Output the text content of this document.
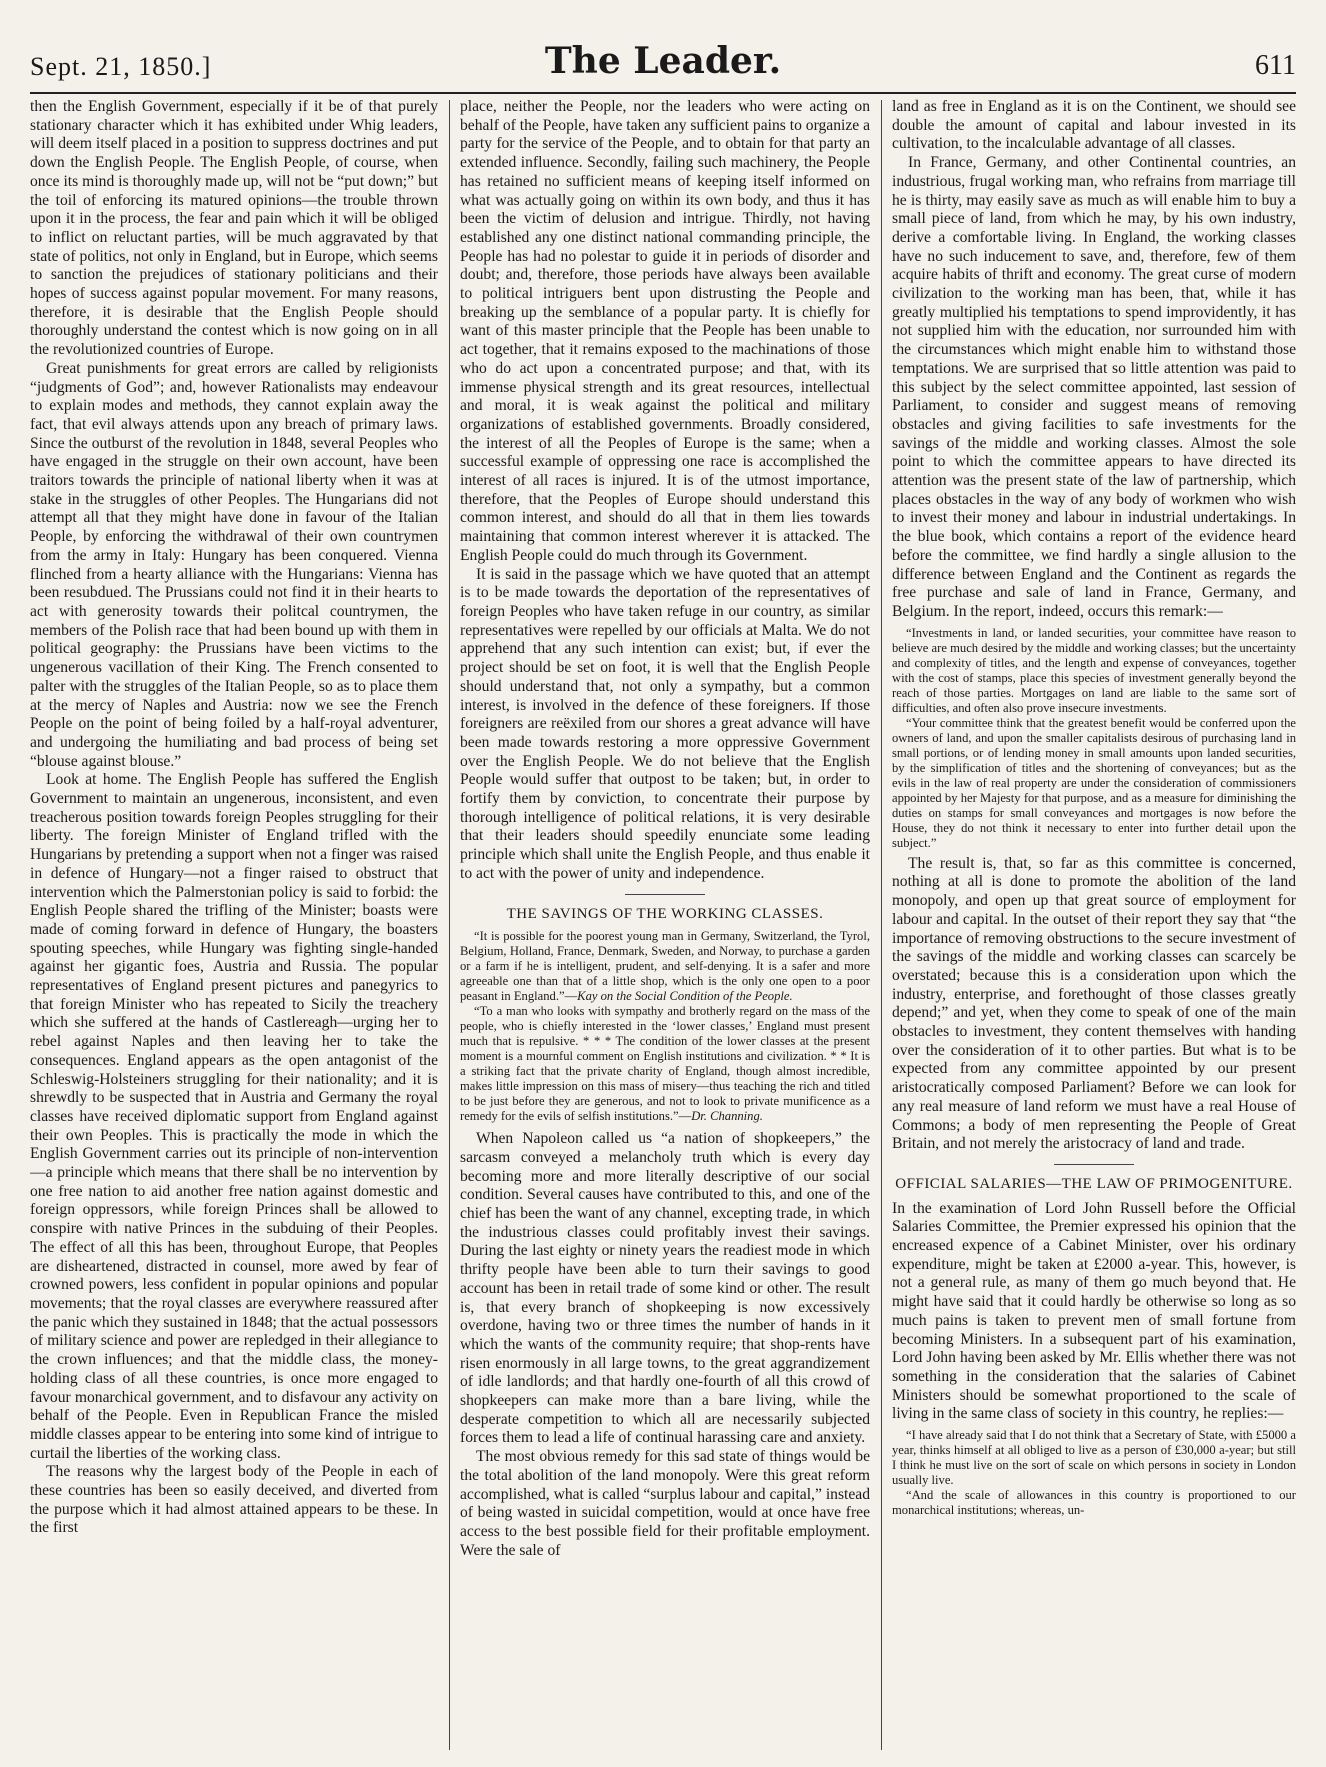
Sept. 21, 1850.]	The Leader.	611

then the English Government, especially if it be of that purely stationary character which it has exhibited under Whig leaders, will deem itself placed in a position to suppress doctrines and put down the English People. The English People, of course, when once its mind is thoroughly made up, will not be “put down;” but the toil of enforcing its matured opinions—the trouble thrown upon it in the process, the fear and pain which it will be obliged to inflict on reluctant parties, will be much aggravated by that state of politics, not only in England, but in Europe, which seems to sanction the prejudices of stationary politicians and their hopes of success against popular movement. For many reasons, therefore, it is desirable that the English People should thoroughly understand the contest which is now going on in all the revolutionized countries of Europe.

Great punishments for great errors are called by religionists “judgments of God”; and, however Rationalists may endeavour to explain modes and methods, they cannot explain away the fact, that evil always attends upon any breach of primary laws. Since the outburst of the revolution in 1848, several Peoples who have engaged in the struggle on their own account, have been traitors towards the principle of national liberty when it was at stake in the struggles of other Peoples. The Hungarians did not attempt all that they might have done in favour of the Italian People, by enforcing the withdrawal of their own countrymen from the army in Italy: Hungary has been conquered. Vienna flinched from a hearty alliance with the Hungarians: Vienna has been resubdued. The Prussians could not find it in their hearts to act with generosity towards their politcal countrymen, the members of the Polish race that had been bound up with them in political geography: the Prussians have been victims to the ungenerous vacillation of their King. The French consented to palter with the struggles of the Italian People, so as to place them at the mercy of Naples and Austria: now we see the French People on the point of being foiled by a half-royal adventurer, and undergoing the humiliating and bad process of being set “blouse against blouse.”

Look at home. The English People has suffered the English Government to maintain an ungenerous, inconsistent, and even treacherous position towards foreign Peoples struggling for their liberty. The foreign Minister of England trifled with the Hungarians by pretending a support when not a finger was raised in defence of Hungary—not a finger raised to obstruct that intervention which the Palmerstonian policy is said to forbid: the English People shared the trifling of the Minister; boasts were made of coming forward in defence of Hungary, the boasters spouting speeches, while Hungary was fighting single-handed against her gigantic foes, Austria and Russia. The popular representatives of England present pictures and panegyrics to that foreign Minister who has repeated to Sicily the treachery which she suffered at the hands of Castlereagh—urging her to rebel against Naples and then leaving her to take the consequences. England appears as the open antagonist of the Schleswig-Holsteiners struggling for their nationality; and it is shrewdly to be suspected that in Austria and Germany the royal classes have received diplomatic support from England against their own Peoples. This is practically the mode in which the English Government carries out its principle of non-intervention—a principle which means that there shall be no intervention by one free nation to aid another free nation against domestic and foreign oppressors, while foreign Princes shall be allowed to conspire with native Princes in the subduing of their Peoples. The effect of all this has been, throughout Europe, that Peoples are disheartened, distracted in counsel, more awed by fear of crowned powers, less confident in popular opinions and popular movements; that the royal classes are everywhere reassured after the panic which they sustained in 1848; that the actual possessors of military science and power are repledged in their allegiance to the crown influences; and that the middle class, the money-holding class of all these countries, is once more engaged to favour monarchical government, and to disfavour any activity on behalf of the People. Even in Republican France the misled middle classes appear to be entering into some kind of intrigue to curtail the liberties of the working class.

The reasons why the largest body of the People in each of these countries has been so easily deceived, and diverted from the purpose which it had almost attained appears to be these. In the first

place, neither the People, nor the leaders who were acting on behalf of the People, have taken any sufficient pains to organize a party for the service of the People, and to obtain for that party an extended influence. Secondly, failing such machinery, the People has retained no sufficient means of keeping itself informed on what was actually going on within its own body, and thus it has been the victim of delusion and intrigue. Thirdly, not having established any one distinct national commanding principle, the People has had no polestar to guide it in periods of disorder and doubt; and, therefore, those periods have always been available to political intriguers bent upon distrusting the People and breaking up the semblance of a popular party. It is chiefly for want of this master principle that the People has been unable to act together, that it remains exposed to the machinations of those who do act upon a concentrated purpose; and that, with its immense physical strength and its great resources, intellectual and moral, it is weak against the political and military organizations of established governments. Broadly considered, the interest of all the Peoples of Europe is the same; when a successful example of oppressing one race is accomplished the interest of all races is injured. It is of the utmost importance, therefore, that the Peoples of Europe should understand this common interest, and should do all that in them lies towards maintaining that common interest wherever it is attacked. The English People could do much through its Government.

It is said in the passage which we have quoted that an attempt is to be made towards the deportation of the representatives of foreign Peoples who have taken refuge in our country, as similar representatives were repelled by our officials at Malta. We do not apprehend that any such intention can exist; but, if ever the project should be set on foot, it is well that the English People should understand that, not only a sympathy, but a common interest, is involved in the defence of these foreigners. If those foreigners are reëxiled from our shores a great advance will have been made towards restoring a more oppressive Government over the English People. We do not believe that the English People would suffer that outpost to be taken; but, in order to fortify them by conviction, to concentrate their purpose by thorough intelligence of political relations, it is very desirable that their leaders should speedily enunciate some leading principle which shall unite the English People, and thus enable it to act with the power of unity and independence.

THE SAVINGS OF THE WORKING CLASSES.

“It is possible for the poorest young man in Germany, Switzerland, the Tyrol, Belgium, Holland, France, Denmark, Sweden, and Norway, to purchase a garden or a farm if he is intelligent, prudent, and self-denying. It is a safer and more agreeable one than that of a little shop, which is the only one open to a poor peasant in England.”—Kay on the Social Condition of the People.

“To a man who looks with sympathy and brotherly regard on the mass of the people, who is chiefly interested in the ‘lower classes,’ England must present much that is repulsive. * * * The condition of the lower classes at the present moment is a mournful comment on English institutions and civilization. * * It is a striking fact that the private charity of England, though almost incredible, makes little impression on this mass of misery—thus teaching the rich and titled to be just before they are generous, and not to look to private munificence as a remedy for the evils of selfish institutions.”—Dr. Channing.

When Napoleon called us “a nation of shopkeepers,” the sarcasm conveyed a melancholy truth which is every day becoming more and more literally descriptive of our social condition. Several causes have contributed to this, and one of the chief has been the want of any channel, excepting trade, in which the industrious classes could profitably invest their savings. During the last eighty or ninety years the readiest mode in which thrifty people have been able to turn their savings to good account has been in retail trade of some kind or other. The result is, that every branch of shopkeeping is now excessively overdone, having two or three times the number of hands in it which the wants of the community require; that shop-rents have risen enormously in all large towns, to the great aggrandizement of idle landlords; and that hardly one-fourth of all this crowd of shopkeepers can make more than a bare living, while the desperate competition to which all are necessarily subjected forces them to lead a life of continual harassing care and anxiety.

The most obvious remedy for this sad state of things would be the total abolition of the land monopoly. Were this great reform accomplished, what is called “surplus labour and capital,” instead of being wasted in suicidal competition, would at once have free access to the best possible field for their profitable employment. Were the sale of

land as free in England as it is on the Continent, we should see double the amount of capital and labour invested in its cultivation, to the incalculable advantage of all classes.

In France, Germany, and other Continental countries, an industrious, frugal working man, who refrains from marriage till he is thirty, may easily save as much as will enable him to buy a small piece of land, from which he may, by his own industry, derive a comfortable living. In England, the working classes have no such inducement to save, and, therefore, few of them acquire habits of thrift and economy. The great curse of modern civilization to the working man has been, that, while it has greatly multiplied his temptations to spend improvidently, it has not supplied him with the education, nor surrounded him with the circumstances which might enable him to withstand those temptations. We are surprised that so little attention was paid to this subject by the select committee appointed, last session of Parliament, to consider and suggest means of removing obstacles and giving facilities to safe investments for the savings of the middle and working classes. Almost the sole point to which the committee appears to have directed its attention was the present state of the law of partnership, which places obstacles in the way of any body of workmen who wish to invest their money and labour in industrial undertakings. In the blue book, which contains a report of the evidence heard before the committee, we find hardly a single allusion to the difference between England and the Continent as regards the free purchase and sale of land in France, Germany, and Belgium. In the report, indeed, occurs this remark:—

“Investments in land, or landed securities, your committee have reason to believe are much desired by the middle and working classes; but the uncertainty and complexity of titles, and the length and expense of conveyances, together with the cost of stamps, place this species of investment generally beyond the reach of those parties. Mortgages on land are liable to the same sort of difficulties, and often also prove insecure investments.

“Your committee think that the greatest benefit would be conferred upon the owners of land, and upon the smaller capitalists desirous of purchasing land in small portions, or of lending money in small amounts upon landed securities, by the simplification of titles and the shortening of conveyances; but as the evils in the law of real property are under the consideration of commissioners appointed by her Majesty for that purpose, and as a measure for diminishing the duties on stamps for small conveyances and mortgages is now before the House, they do not think it necessary to enter into further detail upon the subject.”

The result is, that, so far as this committee is concerned, nothing at all is done to promote the abolition of the land monopoly, and open up that great source of employment for labour and capital. In the outset of their report they say that “the importance of removing obstructions to the secure investment of the savings of the middle and working classes can scarcely be overstated; because this is a consideration upon which the industry, enterprise, and forethought of those classes greatly depend;” and yet, when they come to speak of one of the main obstacles to investment, they content themselves with handing over the consideration of it to other parties. But what is to be expected from any committee appointed by our present aristocratically composed Parliament? Before we can look for any real measure of land reform we must have a real House of Commons; a body of men representing the People of Great Britain, and not merely the aristocracy of land and trade.

OFFICIAL SALARIES—THE LAW OF PRIMOGENITURE.

In the examination of Lord John Russell before the Official Salaries Committee, the Premier expressed his opinion that the encreased expence of a Cabinet Minister, over his ordinary expenditure, might be taken at £2000 a-year. This, however, is not a general rule, as many of them go much beyond that. He might have said that it could hardly be otherwise so long as so much pains is taken to prevent men of small fortune from becoming Ministers. In a subsequent part of his examination, Lord John having been asked by Mr. Ellis whether there was not something in the consideration that the salaries of Cabinet Ministers should be somewhat proportioned to the scale of living in the same class of society in this country, he replies:—

“I have already said that I do not think that a Secretary of State, with £5000 a year, thinks himself at all obliged to live as a person of £30,000 a-year; but still I think he must live on the sort of scale on which persons in society in London usually live.

“And the scale of allowances in this country is proportioned to our monarchical institutions; whereas, un-
